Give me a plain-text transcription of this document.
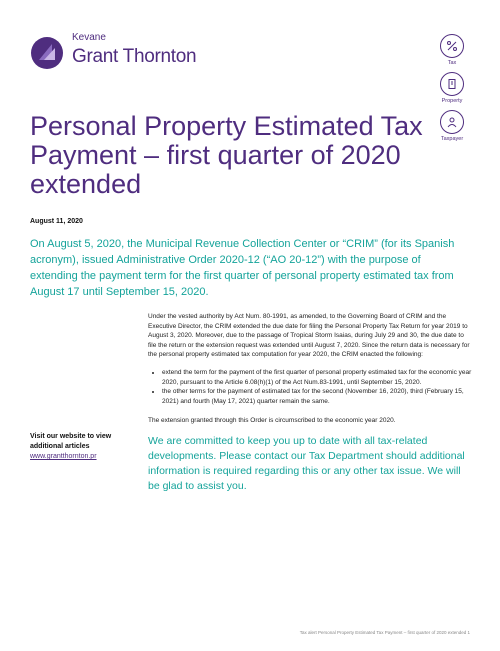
Kevane
Grant Thornton	Tax
Property
Taxpayer
Personal Property Estimated Tax Payment – first quarter of 2020 extended
August 11, 2020
On August 5, 2020, the Municipal Revenue Collection Center or “CRIM” (for its Spanish acronym), issued Administrative Order 2020-12 (“AO 20-12”) with the purpose of extending the payment term for the first quarter of personal property estimated tax from August 17 until September 15, 2020.
Visit our website to view additional articles
www.grantthornton.pr

Under the vested authority by Act Num. 80-1991, as amended, to the Governing Board of CRIM and the Executive Director, the CRIM extended the due date for filing the Personal Property Tax Return for year 2019 to August 3, 2020. Moreover, due to the passage of Tropical Storm Isaias, during July 29 and 30, the due date to file the return or the extension request was extended until August 7, 2020. Since the return data is necessary for the personal property estimated tax computation for year 2020, the CRIM enacted the following:

• extend the term for the payment of the first quarter of personal property estimated tax for the economic year 2020, pursuant to the Article 6.08(h)(1) of the Act Num.83-1991, until September 15, 2020.
• the other terms for the payment of estimated tax for the second (November 16, 2020), third (February 15, 2021) and fourth (May 17, 2021) quarter remain the same.

The extension granted through this Order is circumscribed to the economic year 2020.

We are committed to keep you up to date with all tax-related developments. Please contact our Tax Department should additional information is required regarding this or any other tax issue. We will be glad to assist you.
Tax alert Personal Property Estimated Tax Payment – first quarter of 2020 extended 1
